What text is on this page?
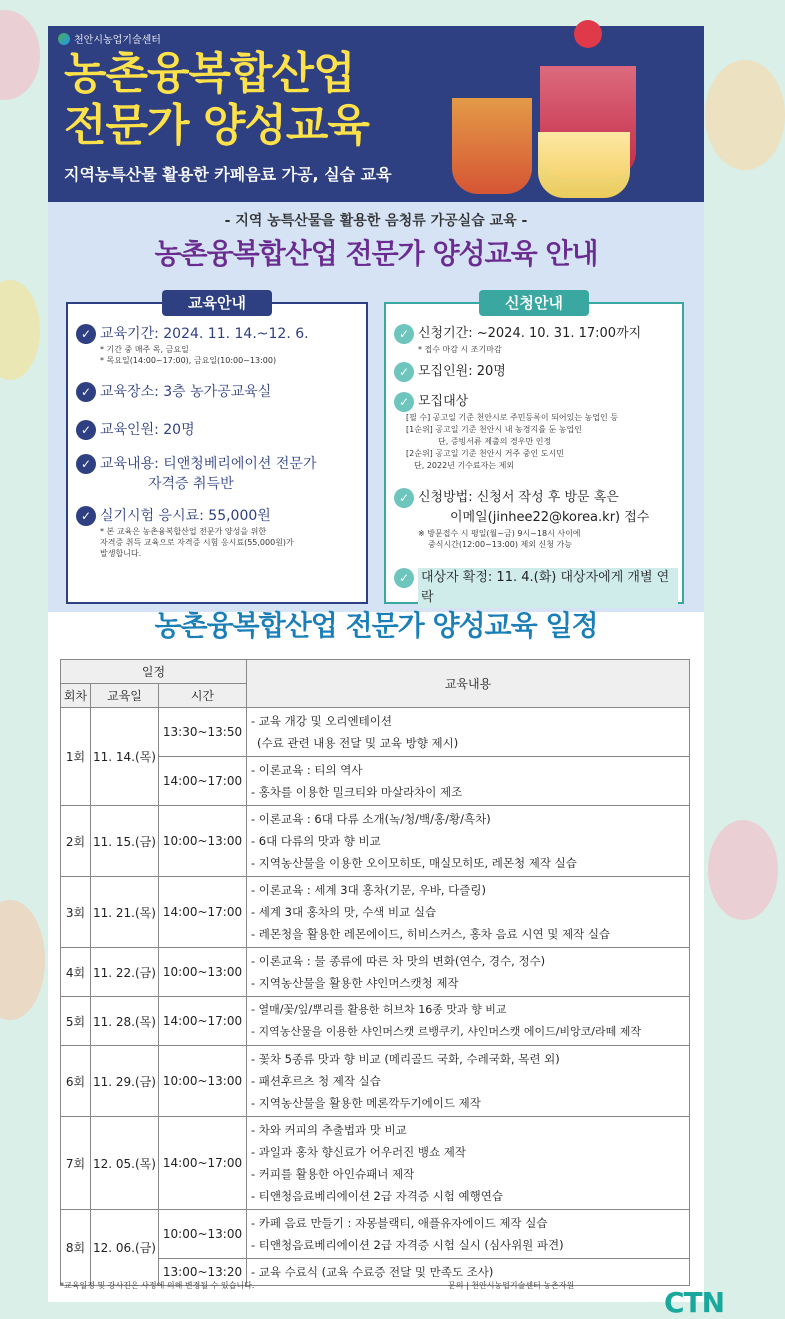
천안시농업기술센터
농촌융복합산업
전문가 양성교육
지역농특산물 활용한 카페음료 가공, 실습 교육
- 지역 농특산물을 활용한 음청류 가공실습 교육 -
농촌융복합산업 전문가 양성교육 안내
교육안내
✓ 교육기간: 2024. 11. 14.~12. 6.
* 기간 중 매주 목, 금요일
* 목요일(14:00~17:00), 금요일(10:00~13:00)
✓ 교육장소: 3층 농가공교육실
✓ 교육인원: 20명
✓ 교육내용: 티앤청베리에이션 전문가
자격증 취득반
✓ 실기시험 응시료: 55,000원
* 본 교육은 농촌융복합산업 전문가 양성을 위한
자격증 취득 교육으로 자격증 시험 응시료(55,000원)가
발생합니다.
신청안내
✓ 신청기간: ~2024. 10. 31. 17:00까지
* 접수 마감 시 조기마감
✓ 모집인원: 20명
✓ 모집대상
[필 수] 공고일 기준 천안시로 주민등록이 되어있는 농업인 등
[1순위] 공고일 기준 천안시 내 농경지를 둔 농업인
단, 증빙서류 제출의 경우만 인정
[2순위] 공고일 기준 천안시 거주 중인 도시민
단, 2022년 기수료자는 제외
✓ 신청방법: 신청서 작성 후 방문 혹은
이메일(jinhee22@korea.kr) 접수
※ 방문접수 시 평일(월~금) 9시~18시 사이에
중식시간(12:00~13:00) 제외 신청 가능
✓ 대상자 확정: 11. 4.(화) 대상자에게 개별 연락
농촌융복합산업 전문가 양성교육 일정
일정			교육내용
회차	교육일	시간	
1회	11. 14.(목)	13:30~13:50	- 교육 개강 및 오리엔테이션
(수료 관련 내용 전달 및 교육 방향 제시)

		14:00~17:00	- 이론교육 : 티의 역사
- 홍차를 이용한 밀크티와 마살라차이 제조

2회	11. 15.(금)	10:00~13:00	- 이론교육 : 6대 다류 소개(녹/청/백/홍/황/흑차)
- 6대 다류의 맛과 향 비교
- 지역농산물을 이용한 오이모히또, 매실모히또, 레몬청 제작 실습

3회	11. 21.(목)	14:00~17:00	- 이론교육 : 세계 3대 홍차(기문, 우바, 다즐링)
- 세계 3대 홍차의 맛, 수색 비교 실습
- 레몬청을 활용한 레몬에이드, 히비스커스, 홍차 음료 시연 및 제작 실습

4회	11. 22.(금)	10:00~13:00	- 이론교육 : 물 종류에 따른 차 맛의 변화(연수, 경수, 정수)
- 지역농산물을 활용한 샤인머스캣청 제작

5회	11. 28.(목)	14:00~17:00	- 열매/꽃/잎/뿌리를 활용한 허브차 16종 맛과 향 비교
- 지역농산물을 이용한 샤인머스캣 르뱅쿠키, 샤인머스캣 에이드/비앙코/라떼 제작

6회	11. 29.(금)	10:00~13:00	- 꽃차 5종류 맛과 향 비교 (메리골드 국화, 수레국화, 목련 외)
- 패션후르츠 청 제작 실습
- 지역농산물을 활용한 메론깍두기에이드 제작

7회	12. 05.(목)	14:00~17:00	- 차와 커피의 추출법과 맛 비교
- 과일과 홍차 향신료가 어우러진 뱅쇼 제작
- 커피를 활용한 아인슈패너 제작
- 티앤청음료베리에이션 2급 자격증 시험 예행연습

8회	12. 06.(금)	10:00~13:00	- 카페 음료 만들기 : 자몽블랙티, 애플유자에이드 제작 실습
- 티앤청음료베리에이션 2급 자격증 시험 실시 (심사위원 파견)

		13:00~13:20	- 교육 수료식 (교육 수료증 전달 및 만족도 조사)
*교육일정 및 강사진은 사정에 의해 변경될 수 있습니다.	문의 | 천안시농업기술센터 농촌자원
CTN
